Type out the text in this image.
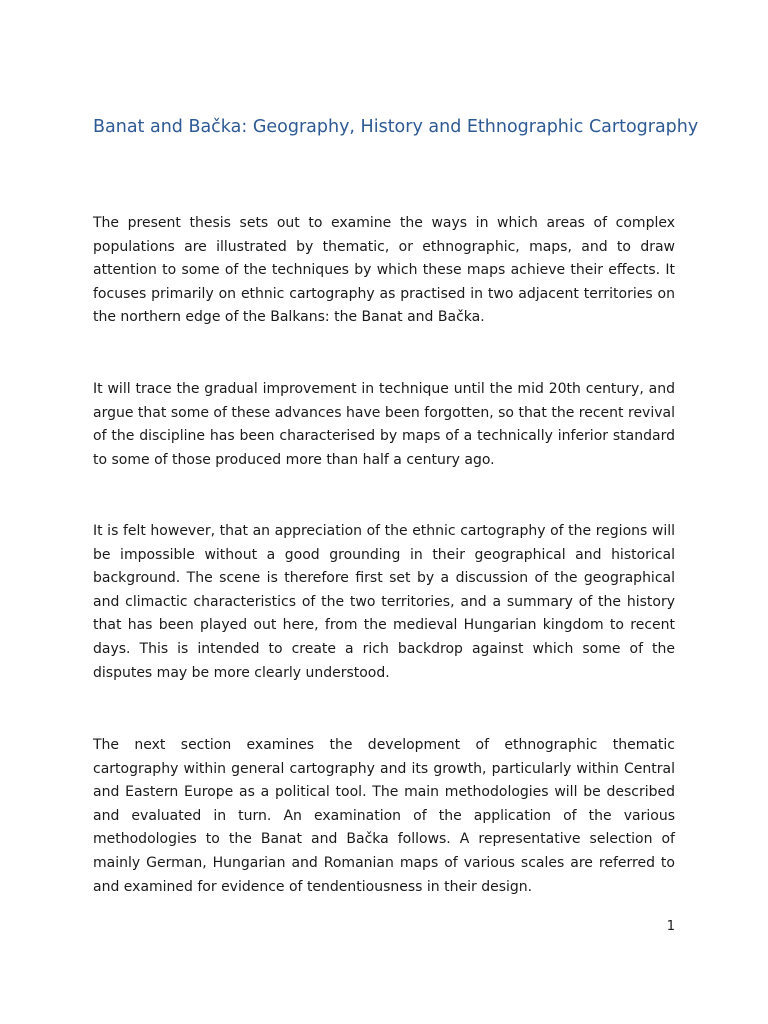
Banat and Bačka: Geography, History and Ethnographic Cartography

The present thesis sets out to examine the ways in which areas of complex populations are illustrated by thematic, or ethnographic, maps, and to draw attention to some of the techniques by which these maps achieve their effects. It focuses primarily on ethnic cartography as practised in two adjacent territories on the northern edge of the Balkans: the Banat and Bačka.

It will trace the gradual improvement in technique until the mid 20th century, and argue that some of these advances have been forgotten, so that the recent revival of the discipline has been characterised by maps of a technically inferior standard to some of those produced more than half a century ago.

It is felt however, that an appreciation of the ethnic cartography of the regions will be impossible without a good grounding in their geographical and historical background. The scene is therefore first set by a discussion of the geographical and climactic characteristics of the two territories, and a summary of the history that has been played out here, from the medieval Hungarian kingdom to recent days. This is intended to create a rich backdrop against which some of the disputes may be more clearly understood.

The next section examines the development of ethnographic thematic cartography within general cartography and its growth, particularly within Central and Eastern Europe as a political tool. The main methodologies will be described and evaluated in turn. An examination of the application of the various methodologies to the Banat and Bačka follows. A representative selection of mainly German, Hungarian and Romanian maps of various scales are referred to and examined for evidence of tendentiousness in their design.

1
